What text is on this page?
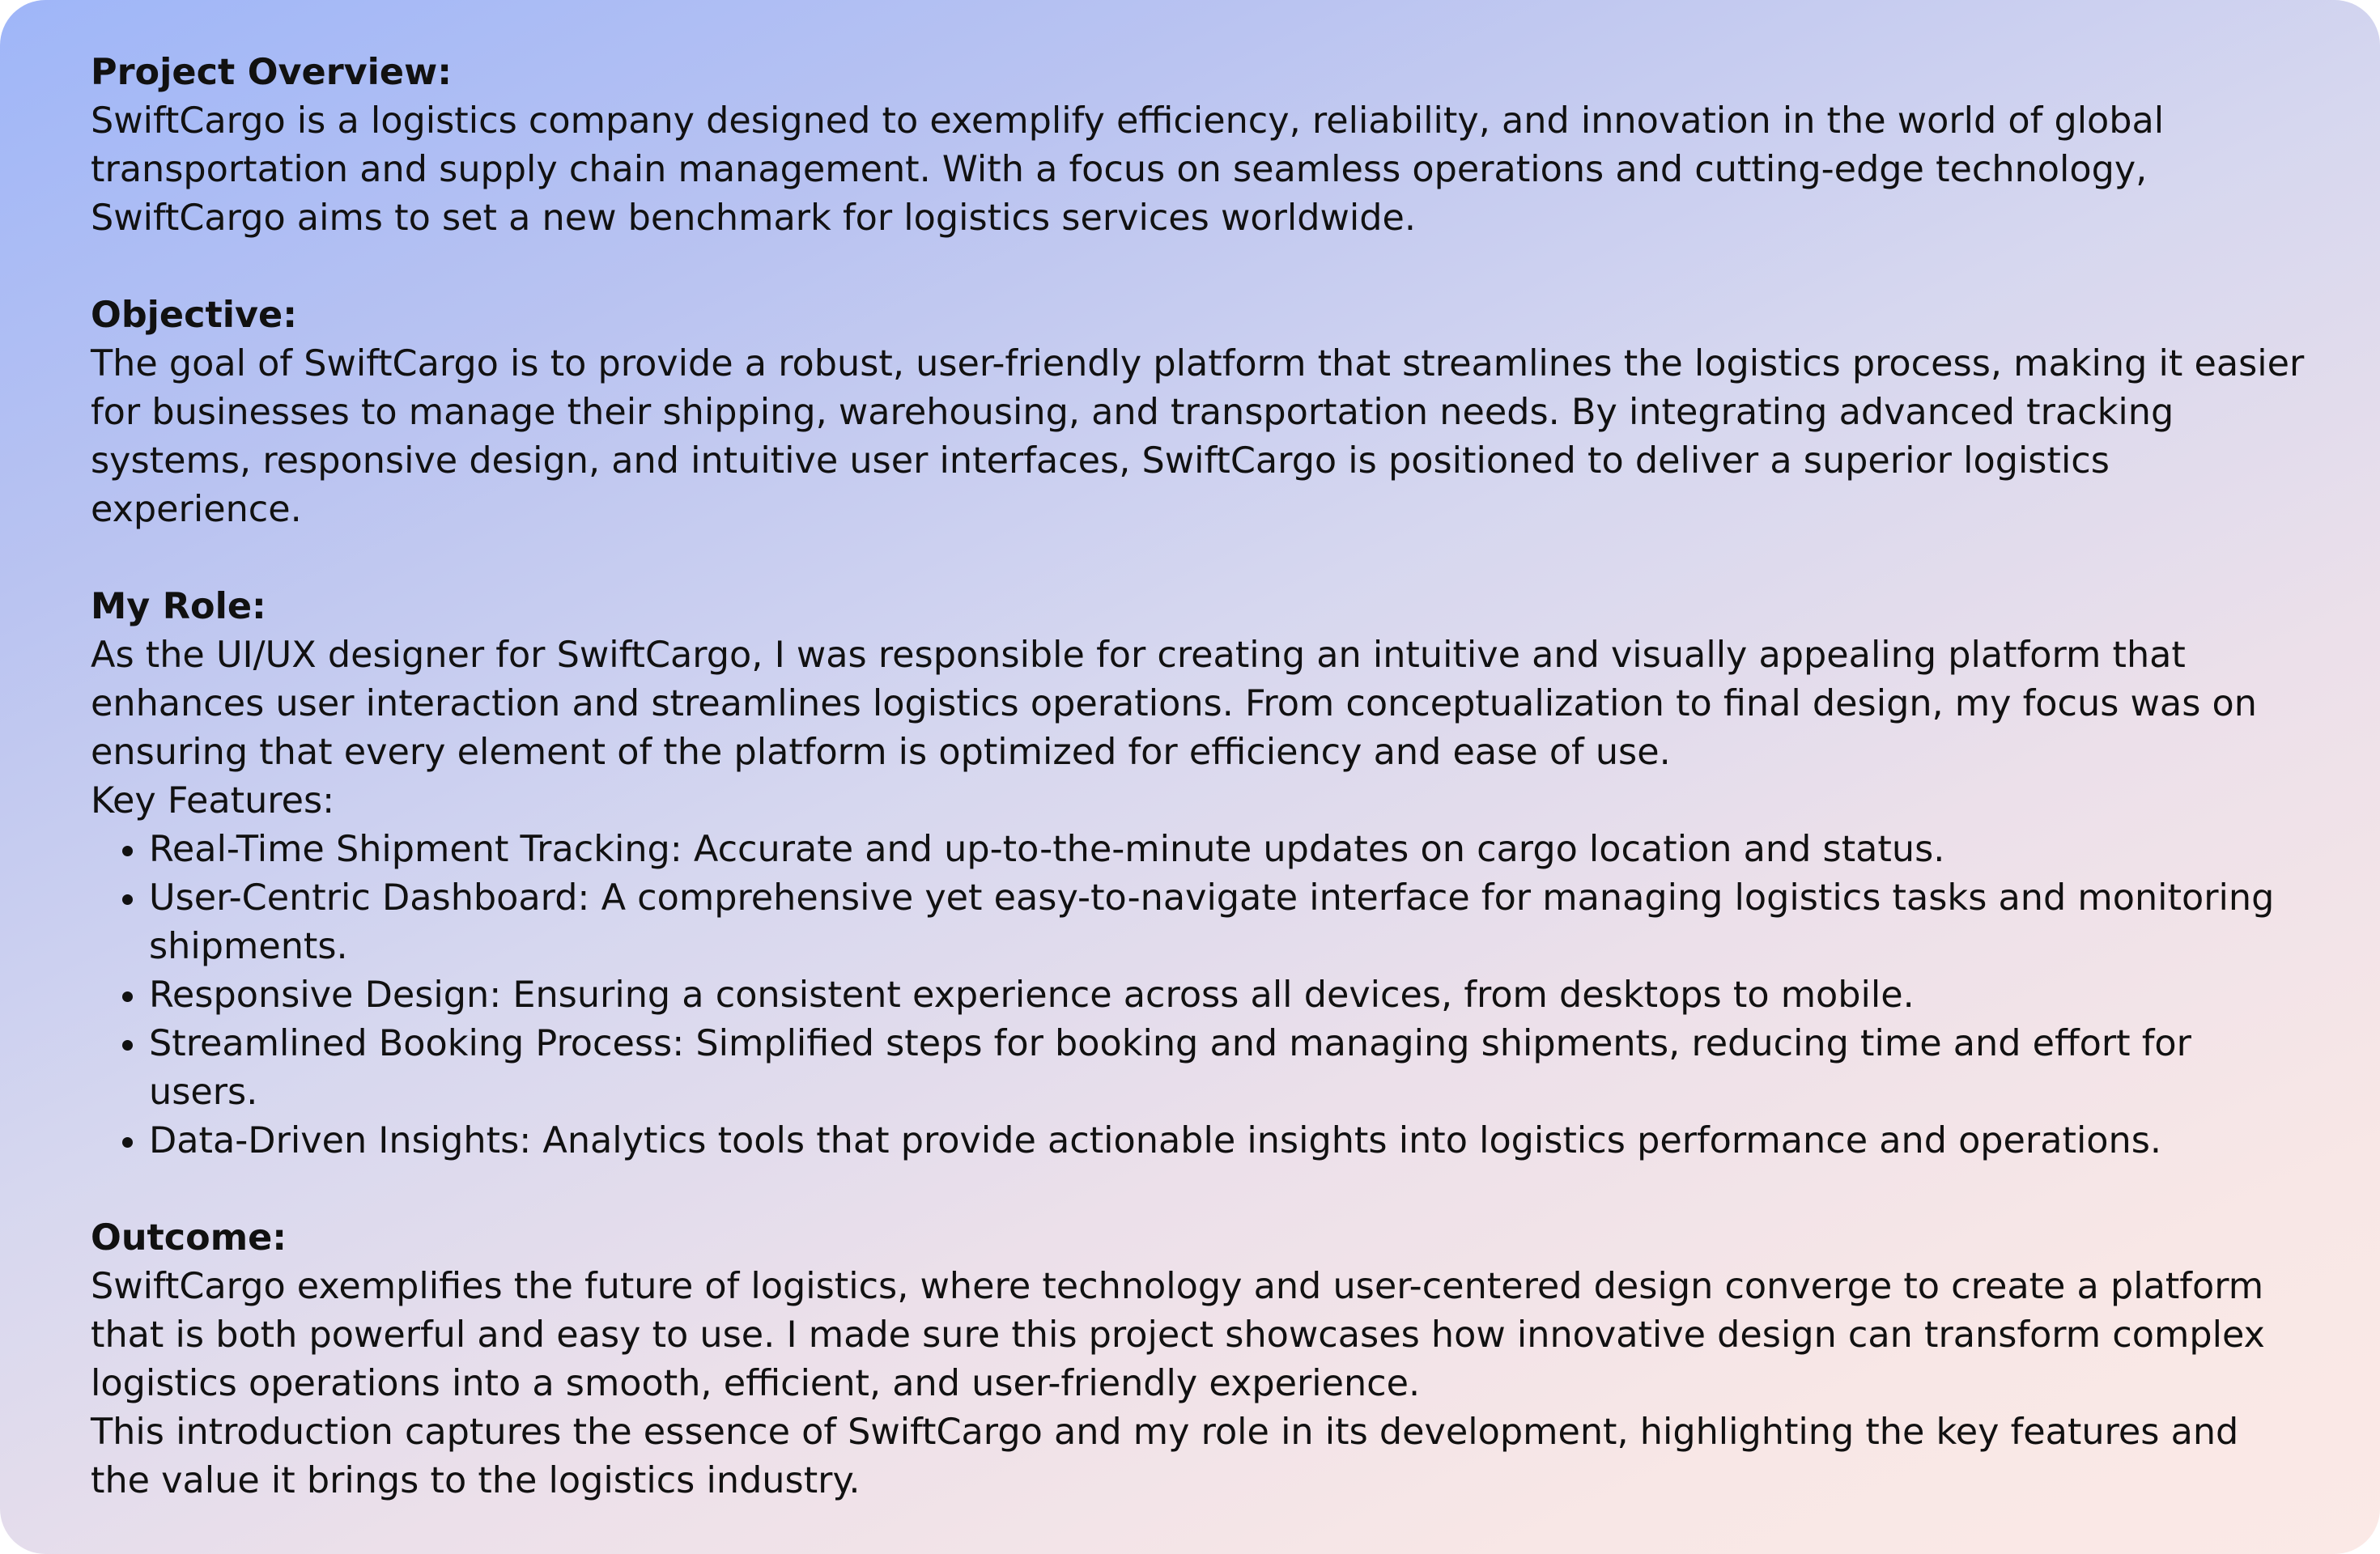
Project Overview:

SwiftCargo is a logistics company designed to exemplify efficiency, reliability, and innovation in the world of global transportation and supply chain management. With a focus on seamless operations and cutting-edge technology, SwiftCargo aims to set a new benchmark for logistics services worldwide.

Objective:

The goal of SwiftCargo is to provide a robust, user-friendly platform that streamlines the logistics process, making it easier for businesses to manage their shipping, warehousing, and transportation needs. By integrating advanced tracking systems, responsive design, and intuitive user interfaces, SwiftCargo is positioned to deliver a superior logistics experience.

My Role:

As the UI/UX designer for SwiftCargo, I was responsible for creating an intuitive and visually appealing platform that enhances user interaction and streamlines logistics operations. From conceptualization to final design, my focus was on ensuring that every element of the platform is optimized for efficiency and ease of use.

Key Features:

• Real-Time Shipment Tracking: Accurate and up-to-the-minute updates on cargo location and status.
• User-Centric Dashboard: A comprehensive yet easy-to-navigate interface for managing logistics tasks and monitoring shipments.
• Responsive Design: Ensuring a consistent experience across all devices, from desktops to mobile.
• Streamlined Booking Process: Simplified steps for booking and managing shipments, reducing time and effort for users.
• Data-Driven Insights: Analytics tools that provide actionable insights into logistics performance and operations.

Outcome:

SwiftCargo exemplifies the future of logistics, where technology and user-centered design converge to create a platform that is both powerful and easy to use. I made sure this project showcases how innovative design can transform complex logistics operations into a smooth, efficient, and user-friendly experience.

This introduction captures the essence of SwiftCargo and my role in its development, highlighting the key features and the value it brings to the logistics industry.
